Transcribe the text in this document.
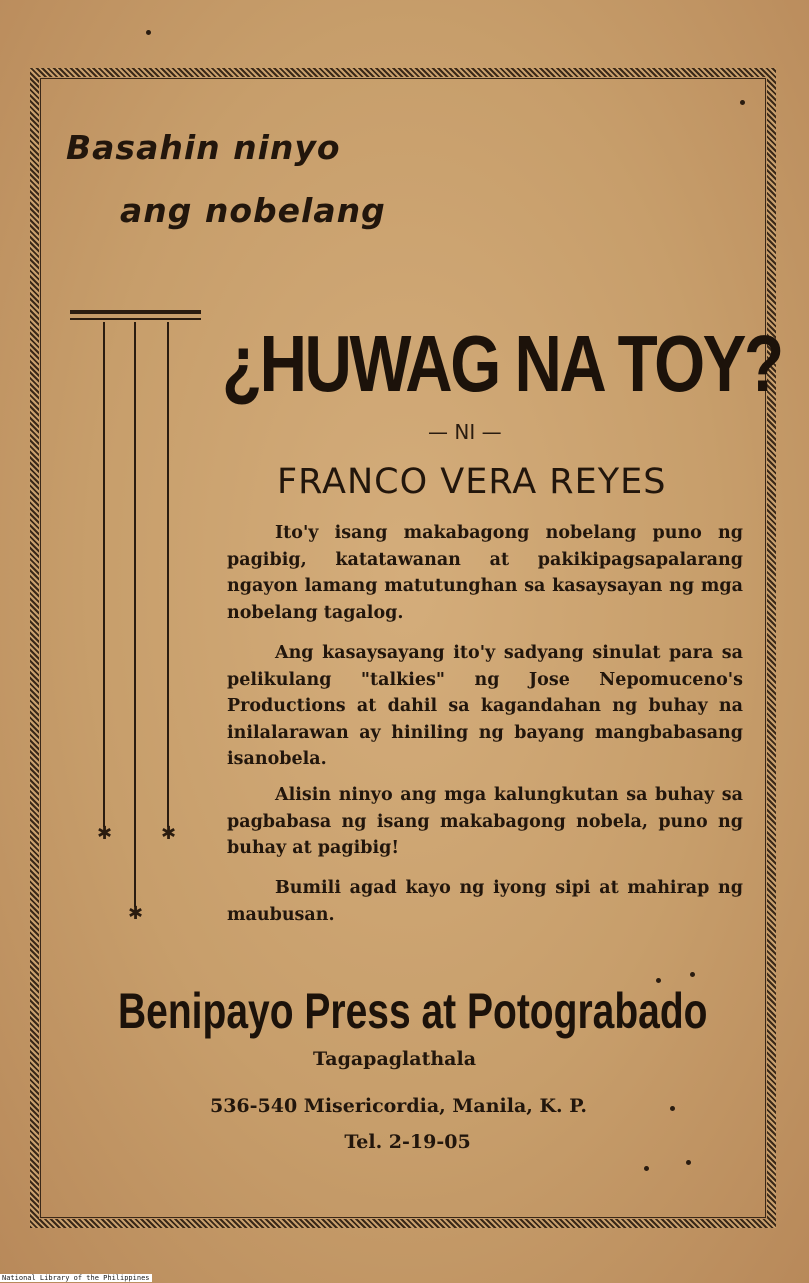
Basahin ninyo
ang nobelang
✱
✱
✱
¿HUWAG NA TOY?
— NI —
FRANCO VERA REYES
Ito'y isang makabagong nobelang puno ng pagibig, katatawanan at pakikipagsapalarang ngayon lamang matutunghan sa kasaysayan ng mga nobelang tagalog.
Ang kasaysayang ito'y sadyang sinulat para sa pelikulang "talkies" ng Jose Nepomuceno's Productions at dahil sa kagandahan ng buhay na inilalarawan ay hiniling ng bayang mangbabasang isanobela.
Alisin ninyo ang mga kalungkutan sa buhay sa pagbabasa ng isang makabagong nobela, puno ng buhay at pagibig!
Bumili agad kayo ng iyong sipi at mahirap ng maubusan.
Benipayo Press at Potograbado
Tagapaglathala
536-540 Misericordia, Manila, K. P.
Tel. 2-19-05
National Library of the Philippines
